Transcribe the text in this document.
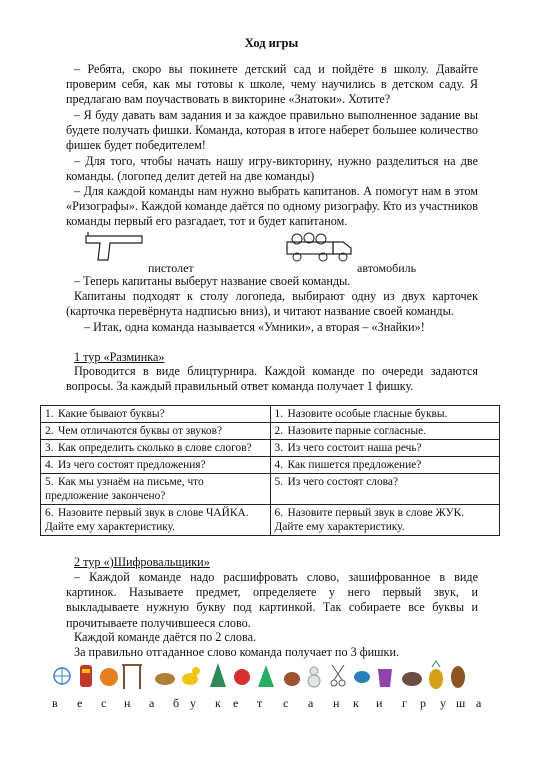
Ход игры
– Ребята, скоро вы покинете детский сад и пойдёте в школу. Давайте проверим себя, как мы готовы к школе, чему научились в детском саду. Я предлагаю вам поучаствовать в викторине «Знатоки». Хотите?
– Я буду давать вам задания и за каждое правильно выполненное задание вы будете получать фишки. Команда, которая в итоге наберет большее количество фишек будет победителем!
– Для того, чтобы начать нашу игру-викторину, нужно разделиться на две команды. (логопед делит детей на две команды)
– Для каждой команды нам нужно выбрать капитанов. А помогут нам в этом «Ризографы». Каждой команде даётся по одному ризографу. Кто из участников команды первый его разгадает, тот и будет капитаном.
пистолет	автомобиль
– Теперь капитаны выберут название своей команды.
Капитаны подходят к столу логопеда, выбирают одну из двух карточек (карточка перевёрнута надписью вниз), и читают название своей команды.
– Итак, одна команда называется «Умники», а вторая – «Знайки»!
1 тур «Разминка»
Проводится в виде блицтурнира. Каждой команде по очереди задаются вопросы. За каждый правильный ответ команда получает 1 фишку.
1. Какие бывают буквы?	1. Назовите особые гласные буквы.
2. Чем отличаются буквы от звуков?	2. Назовите парные согласные.
3. Как определить сколько в слове слогов?	3. Из чего состоит наша речь?
4. Из чего состоят предложения?	4. Как пишется предложение?
5. Как мы узнаём на письме, что предложение закончено?	5. Из чего состоят слова?
6. Назовите первый звук в слове ЧАЙКА. Дайте ему характеристику.	6. Назовите первый звук в слове ЖУК. Дайте ему характеристику.
2 тур «)Шифровальщики»
– Каждой команде надо расшифровать слово, зашифрованное в виде картинок. Называете предмет, определяете у него первый звук, и выкладываете нужную букву под картинкой. Так собираете все буквы и прочитываете получившееся слово.
Каждой команде даётся по 2 слова.
За правильно отгаданное слово команда получает по 3 фишки.
в е с н а б у к е т с а н к и г р у ш а
